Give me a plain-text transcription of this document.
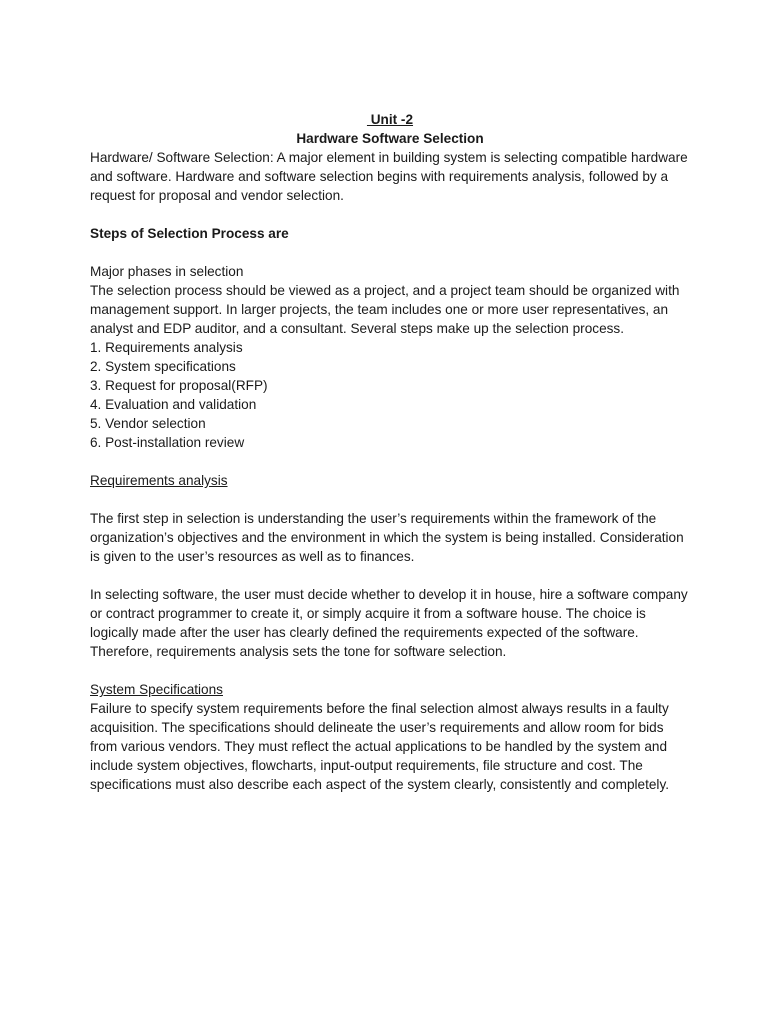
Unit -2

Hardware Software Selection

Hardware/ Software Selection: A major element in building system is selecting compatible hardware and software. Hardware and software selection begins with requirements analysis, followed by a request for proposal and vendor selection.

Steps of Selection Process are

Major phases in selection

The selection process should be viewed as a project, and a project team should be organized with management support. In larger projects, the team includes one or more user representatives, an analyst and EDP auditor, and a consultant. Several steps make up the selection process.

1. Requirements analysis
2. System specifications
3. Request for proposal(RFP)
4. Evaluation and validation
5. Vendor selection
6. Post-installation review

Requirements analysis

The first step in selection is understanding the user’s requirements within the framework of the organization’s objectives and the environment in which the system is being installed. Consideration is given to the user’s resources as well as to finances.

In selecting software, the user must decide whether to develop it in house, hire a software company or contract programmer to create it, or simply acquire it from a software house. The choice is logically made after the user has clearly defined the requirements expected of the software. Therefore, requirements analysis sets the tone for software selection.

System Specifications

Failure to specify system requirements before the final selection almost always results in a faulty acquisition. The specifications should delineate the user’s requirements and allow room for bids from various vendors. They must reflect the actual applications to be handled by the system and include system objectives, flowcharts, input-output requirements, file structure and cost. The specifications must also describe each aspect of the system clearly, consistently and completely.
